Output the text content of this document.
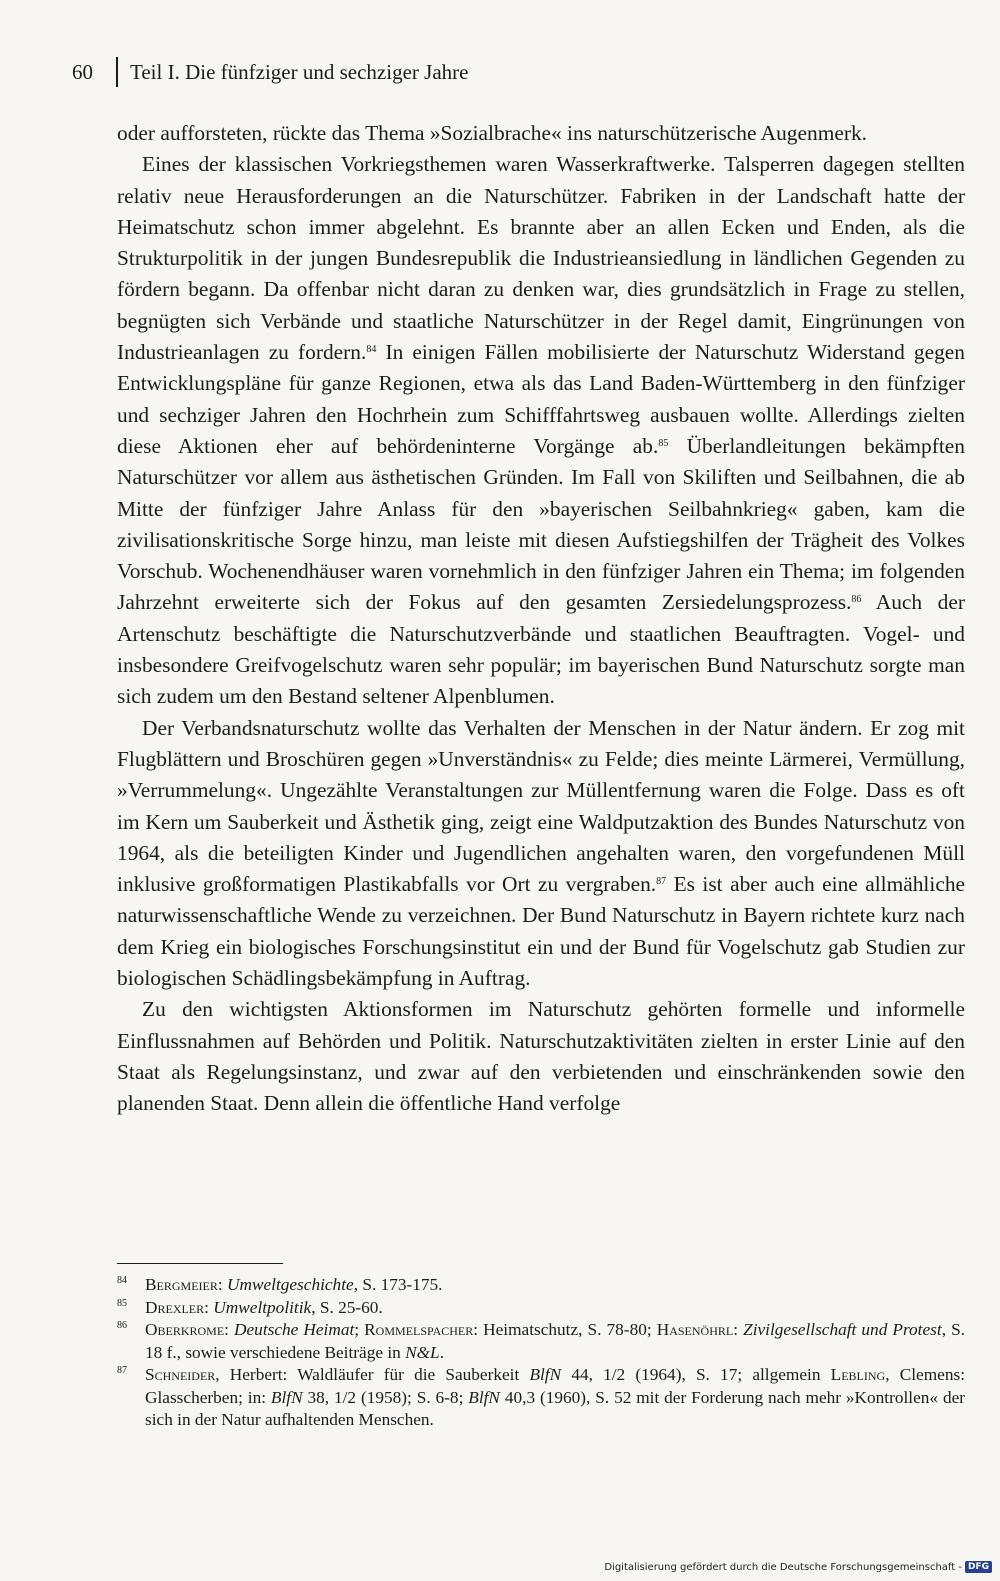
60	Teil I. Die fünfziger und sechziger Jahre

oder aufforsteten, rückte das Thema »Sozialbrache« ins naturschützerische Augenmerk.

Eines der klassischen Vorkriegsthemen waren Wasserkraftwerke. Talsperren dagegen stellten relativ neue Herausforderungen an die Naturschützer. Fabriken in der Landschaft hatte der Heimatschutz schon immer abgelehnt. Es brannte aber an allen Ecken und Enden, als die Strukturpolitik in der jungen Bundesrepublik die Industrieansiedlung in ländlichen Gegenden zu fördern begann. Da offenbar nicht daran zu denken war, dies grundsätzlich in Frage zu stellen, begnügten sich Verbände und staatliche Naturschützer in der Regel damit, Eingrünungen von Industrieanlagen zu fordern.$^{84}$ In einigen Fällen mobilisierte der Naturschutz Widerstand gegen Entwicklungspläne für ganze Regionen, etwa als das Land Baden-Württemberg in den fünfziger und sechziger Jahren den Hochrhein zum Schifffahrtsweg ausbauen wollte. Allerdings zielten diese Aktionen eher auf behördeninterne Vorgänge ab.$^{85}$ Überlandleitungen bekämpften Naturschützer vor allem aus ästhetischen Gründen. Im Fall von Skiliften und Seilbahnen, die ab Mitte der fünfziger Jahre Anlass für den »bayerischen Seilbahnkrieg« gaben, kam die zivilisationskritische Sorge hinzu, man leiste mit diesen Aufstiegshilfen der Trägheit des Volkes Vorschub. Wochenendhäuser waren vornehmlich in den fünfziger Jahren ein Thema; im folgenden Jahrzehnt erweiterte sich der Fokus auf den gesamten Zersiedelungsprozess.$^{86}$ Auch der Artenschutz beschäftigte die Naturschutzverbände und staatlichen Beauftragten. Vogel- und insbesondere Greifvogelschutz waren sehr populär; im bayerischen Bund Naturschutz sorgte man sich zudem um den Bestand seltener Alpenblumen.

Der Verbandsnaturschutz wollte das Verhalten der Menschen in der Natur ändern. Er zog mit Flugblättern und Broschüren gegen »Unverständnis« zu Felde; dies meinte Lärmerei, Vermüllung, »Verrummelung«. Ungezählte Veranstaltungen zur Müllentfernung waren die Folge. Dass es oft im Kern um Sauberkeit und Ästhetik ging, zeigt eine Waldputzaktion des Bundes Naturschutz von 1964, als die beteiligten Kinder und Jugendlichen angehalten waren, den vorgefundenen Müll inklusive großformatigen Plastikabfalls vor Ort zu vergraben.$^{87}$ Es ist aber auch eine allmähliche naturwissenschaftliche Wende zu verzeichnen. Der Bund Naturschutz in Bayern richtete kurz nach dem Krieg ein biologisches Forschungsinstitut ein und der Bund für Vogelschutz gab Studien zur biologischen Schädlingsbekämpfung in Auftrag.

Zu den wichtigsten Aktionsformen im Naturschutz gehörten formelle und informelle Einflussnahmen auf Behörden und Politik. Naturschutzaktivitäten zielten in erster Linie auf den Staat als Regelungsinstanz, und zwar auf den verbietenden und einschränkenden sowie den planenden Staat. Denn allein die öffentliche Hand verfolge

84 Bergmeier: Umweltgeschichte, S. 173-175.
85 Drexler: Umweltpolitik, S. 25-60.
86 Oberkrome: Deutsche Heimat; Rommelspacher: Heimatschutz, S. 78-80; Hasenöhrl: Zivilgesellschaft und Protest, S. 18 f., sowie verschiedene Beiträge in N&L.
87 Schneider, Herbert: Waldläufer für die Sauberkeit BlfN 44, 1/2 (1964), S. 17; allgemein Lebling, Clemens: Glasscherben; in: BlfN 38, 1/2 (1958); S. 6-8; BlfN 40,3 (1960), S. 52 mit der Forderung nach mehr »Kontrollen« der sich in der Natur aufhaltenden Menschen.
Digitalisierung gefördert durch die Deutsche Forschungsgemeinschaft - DFG
